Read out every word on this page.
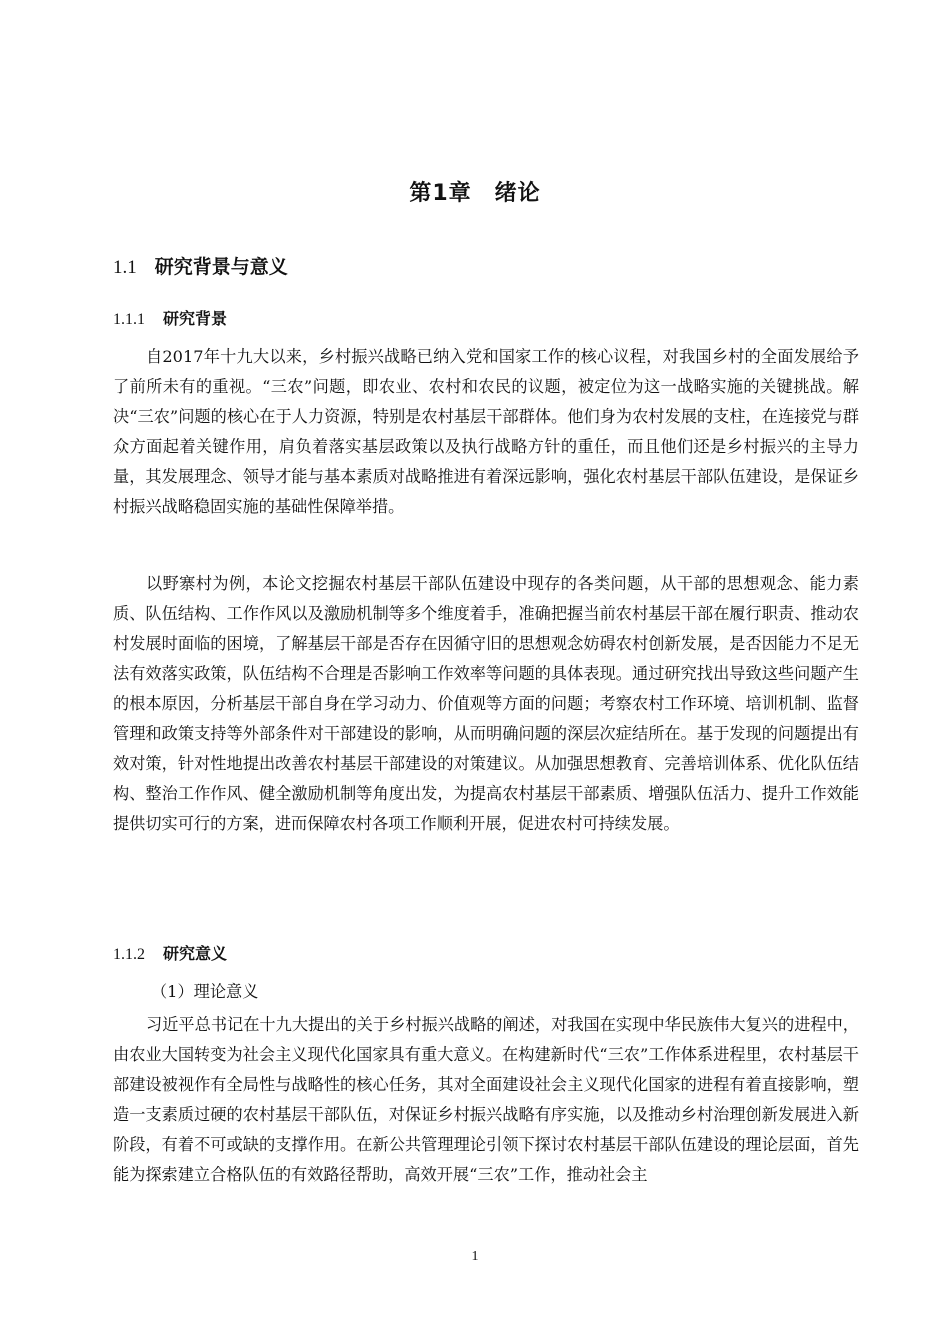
第1章　绪论
1.1 研究背景与意义
1.1.1 研究背景

自2017年十九大以来，乡村振兴战略已纳入党和国家工作的核心议程，对我国乡村的全面发展给予了前所未有的重视。“三农”问题，即农业、农村和农民的议题，被定位为这一战略实施的关键挑战。解决“三农”问题的核心在于人力资源，特别是农村基层干部群体。他们身为农村发展的支柱，在连接党与群众方面起着关键作用，肩负着落实基层政策以及执行战略方针的重任，而且他们还是乡村振兴的主导力量，其发展理念、领导才能与基本素质对战略推进有着深远影响，强化农村基层干部队伍建设，是保证乡村振兴战略稳固实施的基础性保障举措。

以野寨村为例，本论文挖掘农村基层干部队伍建设中现存的各类问题，从干部的思想观念、能力素质、队伍结构、工作作风以及激励机制等多个维度着手，准确把握当前农村基层干部在履行职责、推动农村发展时面临的困境，了解基层干部是否存在因循守旧的思想观念妨碍农村创新发展，是否因能力不足无法有效落实政策，队伍结构不合理是否影响工作效率等问题的具体表现。通过研究找出导致这些问题产生的根本原因，分析基层干部自身在学习动力、价值观等方面的问题；考察农村工作环境、培训机制、监督管理和政策支持等外部条件对干部建设的影响，从而明确问题的深层次症结所在。基于发现的问题提出有效对策，针对性地提出改善农村基层干部建设的对策建议。从加强思想教育、完善培训体系、优化队伍结构、整治工作作风、健全激励机制等角度出发，为提高农村基层干部素质、增强队伍活力、提升工作效能提供切实可行的方案，进而保障农村各项工作顺利开展，促进农村可持续发展。

1.1.2 研究意义
（1）理论意义

习近平总书记在十九大提出的关于乡村振兴战略的阐述，对我国在实现中华民族伟大复兴的进程中，由农业大国转变为社会主义现代化国家具有重大意义。在构建新时代“三农”工作体系进程里，农村基层干部建设被视作有全局性与战略性的核心任务，其对全面建设社会主义现代化国家的进程有着直接影响，塑造一支素质过硬的农村基层干部队伍，对保证乡村振兴战略有序实施，以及推动乡村治理创新发展进入新阶段，有着不可或缺的支撑作用。在新公共管理理论引领下探讨农村基层干部队伍建设的理论层面，首先能为探索建立合格队伍的有效路径帮助，高效开展“三农”工作，推动社会主

1
